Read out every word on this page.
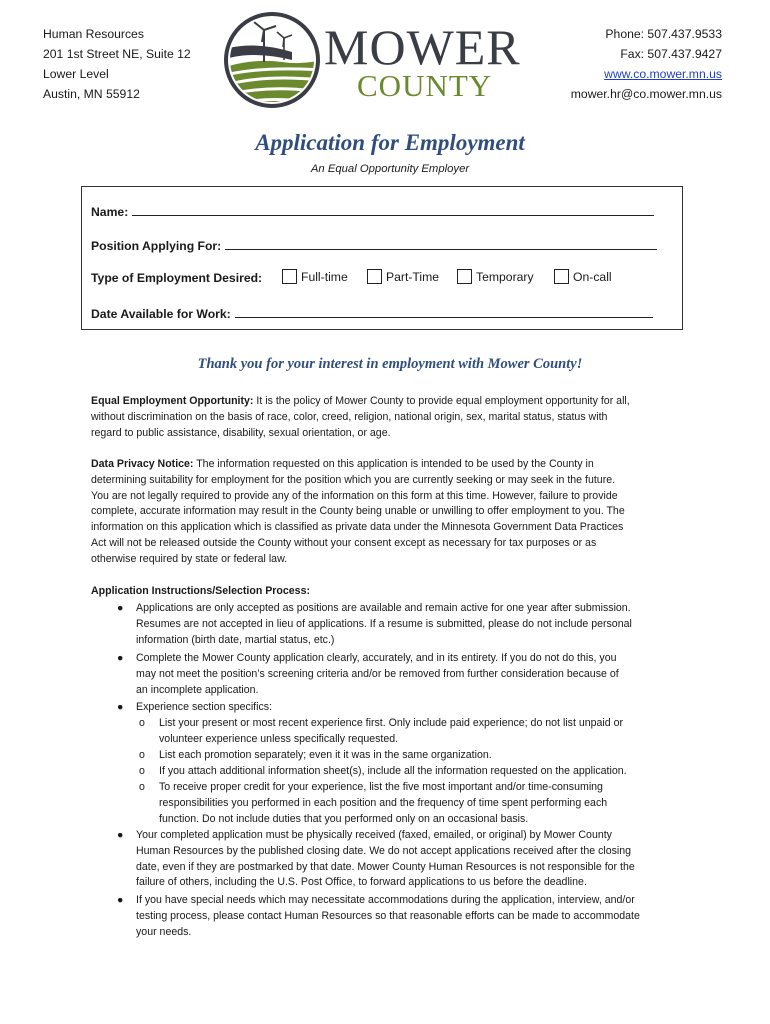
Human Resources
201 1st Street NE, Suite 12
Lower Level
Austin, MN 55912
MOWER
COUNTY
Phone: 507.437.9533
Fax: 507.437.9427
www.co.mower.mn.us
mower.hr@co.mower.mn.us
Application for Employment
An Equal Opportunity Employer
Name:
Position Applying For:
Type of Employment Desired:	Full-time	Part-Time	Temporary	On-call
Date Available for Work:
Thank you for your interest in employment with Mower County!
Equal Employment Opportunity: It is the policy of Mower County to provide equal employment opportunity for all,
without discrimination on the basis of race, color, creed, religion, national origin, sex, marital status, status with
regard to public assistance, disability, sexual orientation, or age.
Data Privacy Notice: The information requested on this application is intended to be used by the County in
determining suitability for employment for the position which you are currently seeking or may seek in the future.
You are not legally required to provide any of the information on this form at this time. However, failure to provide
complete, accurate information may result in the County being unable or unwilling to offer employment to you. The
information on this application which is classified as private data under the Minnesota Government Data Practices
Act will not be released outside the County without your consent except as necessary for tax purposes or as
otherwise required by state or federal law.
Application Instructions/Selection Process:
● Applications are only accepted as positions are available and remain active for one year after submission.
Resumes are not accepted in lieu of applications. If a resume is submitted, please do not include personal
information (birth date, martial status, etc.)
● Complete the Mower County application clearly, accurately, and in its entirety. If you do not do this, you
may not meet the position’s screening criteria and/or be removed from further consideration because of
an incomplete application.
● Experience section specifics:
o List your present or most recent experience first. Only include paid experience; do not list unpaid or
volunteer experience unless specifically requested.
o List each promotion separately; even it it was in the same organization.
o If you attach additional information sheet(s), include all the information requested on the application.
o To receive proper credit for your experience, list the five most important and/or time-consuming
responsibilities you performed in each position and the frequency of time spent performing each
function. Do not include duties that you performed only on an occasional basis.
● Your completed application must be physically received (faxed, emailed, or original) by Mower County
Human Resources by the published closing date. We do not accept applications received after the closing
date, even if they are postmarked by that date. Mower County Human Resources is not responsible for the
failure of others, including the U.S. Post Office, to forward applications to us before the deadline.
● If you have special needs which may necessitate accommodations during the application, interview, and/or
testing process, please contact Human Resources so that reasonable efforts can be made to accommodate
your needs.
